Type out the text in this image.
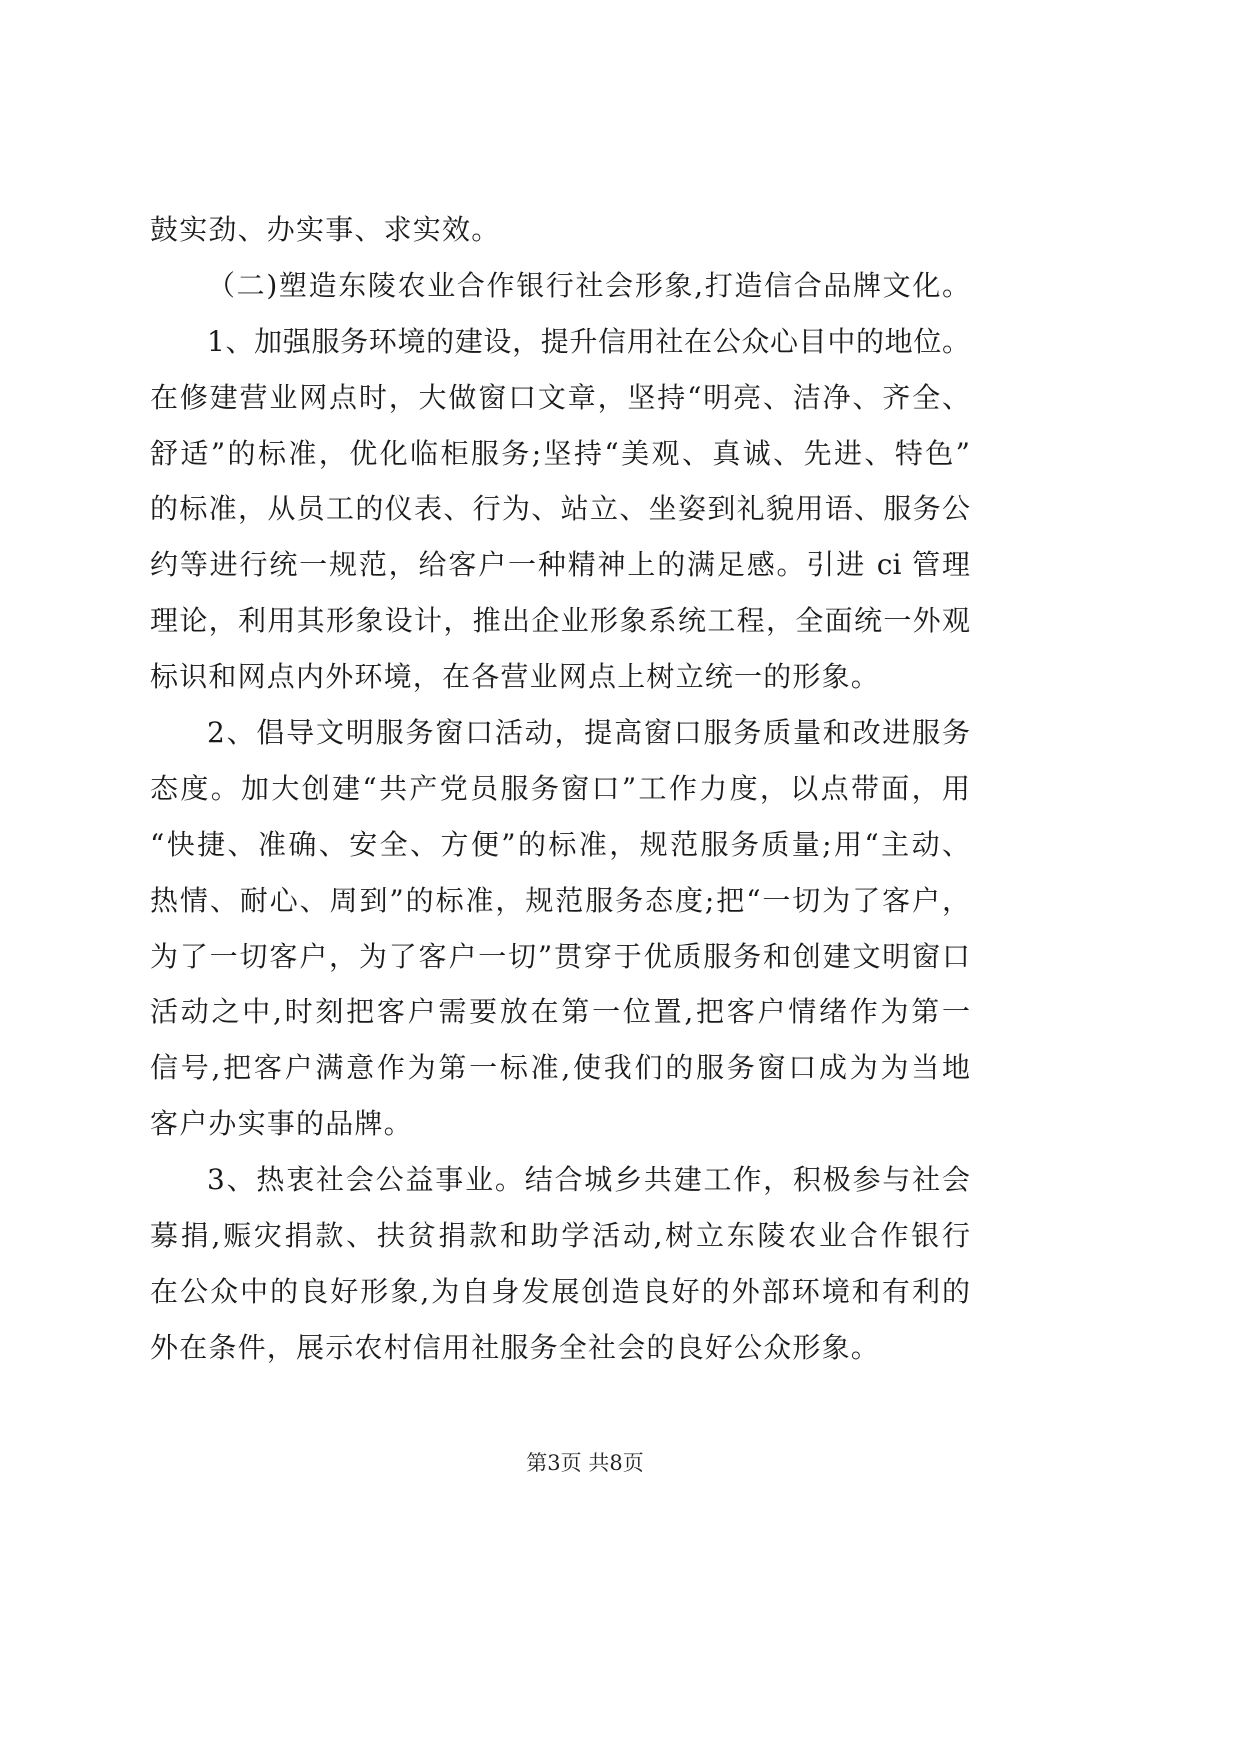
鼓实劲、办实事、求实效。
（二)塑造东陵农业合作银行社会形象,打造信合品牌文化。
1、加强服务环境的建设，提升信用社在公众心目中的地位。
在修建营业网点时，大做窗口文章，坚持“明亮、洁净、齐全、
舒适”的标准，优化临柜服务;坚持“美观、真诚、先进、特色”
的标准，从员工的仪表、行为、站立、坐姿到礼貌用语、服务公
约等进行统一规范，给客户一种精神上的满足感。引进 ci 管理
理论，利用其形象设计，推出企业形象系统工程，全面统一外观
标识和网点内外环境，在各营业网点上树立统一的形象。
2、倡导文明服务窗口活动，提高窗口服务质量和改进服务
态度。加大创建“共产党员服务窗口”工作力度，以点带面，用
“快捷、准确、安全、方便”的标准，规范服务质量;用“主动、
热情、耐心、周到”的标准，规范服务态度;把“一切为了客户，
为了一切客户，为了客户一切”贯穿于优质服务和创建文明窗口
活动之中,时刻把客户需要放在第一位置,把客户情绪作为第一
信号,把客户满意作为第一标准,使我们的服务窗口成为为当地
客户办实事的品牌。
3、热衷社会公益事业。结合城乡共建工作，积极参与社会
募捐,赈灾捐款、扶贫捐款和助学活动,树立东陵农业合作银行
在公众中的良好形象,为自身发展创造良好的外部环境和有利的
外在条件，展示农村信用社服务全社会的良好公众形象。
第3页 共8页
